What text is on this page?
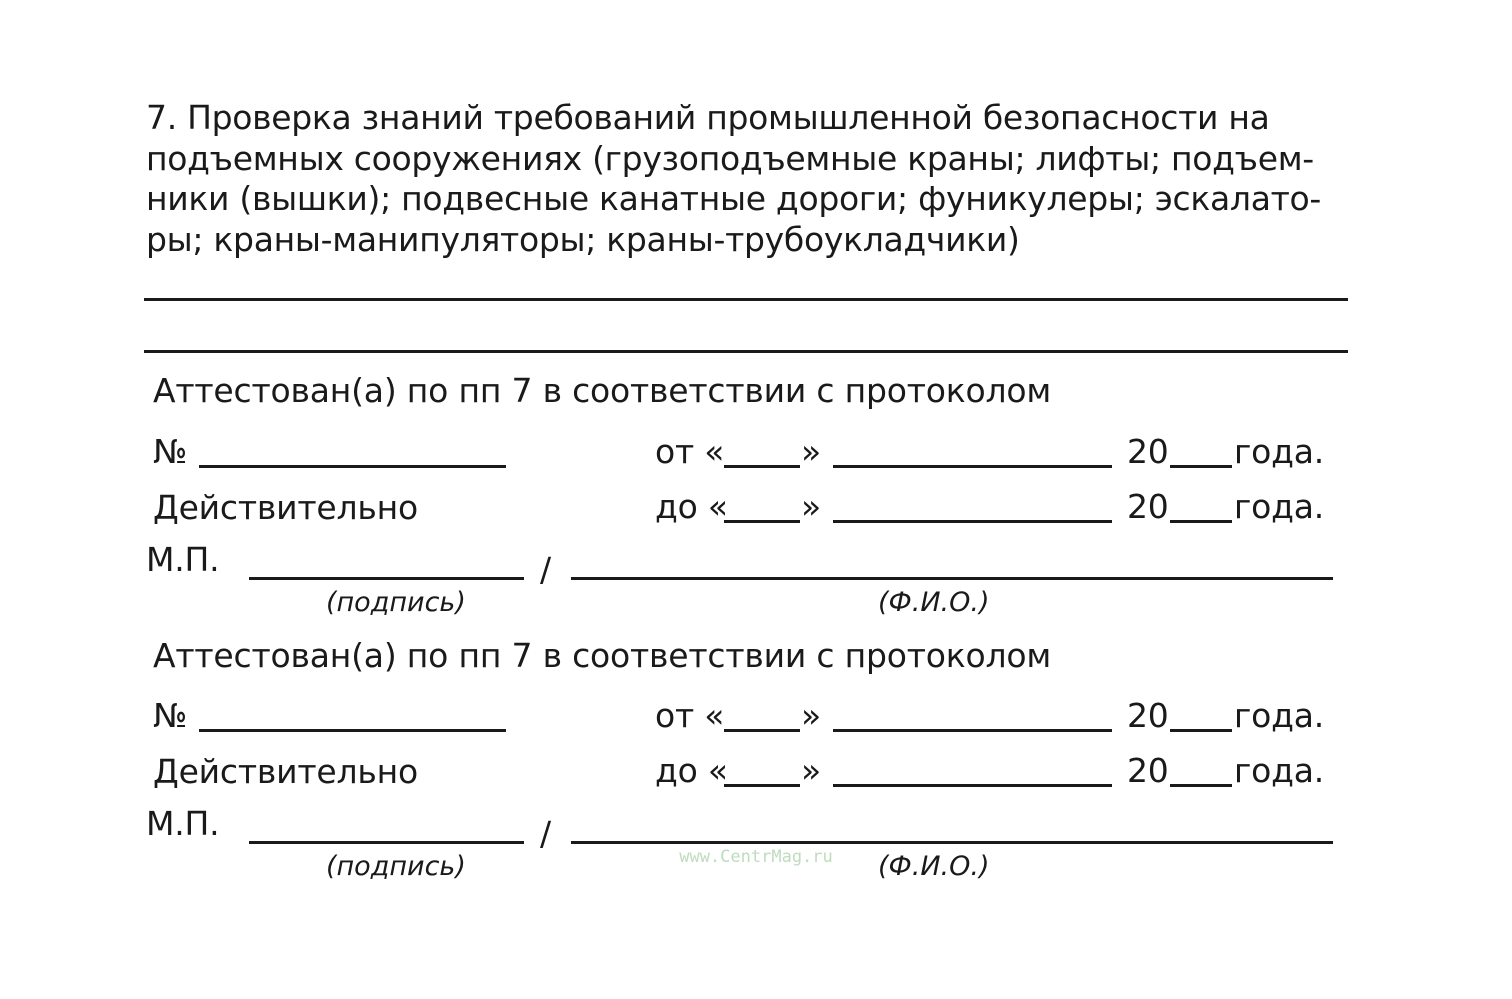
7. Проверка знаний требований промышленной безопасности на
подъемных сооружениях (грузоподъемные краны; лифты; подъем-
ники (вышки); подвесные канатные дороги; фуникулеры; эскалато-
ры; краны-манипуляторы; краны-трубоукладчики)
Аттестован(а) по пп 7 в соответствии с протоколом
№	от « »	20 года.
Действительно	до « »	20 года.
М.П.	/
(подпись)	(Ф.И.О.)
Аттестован(а) по пп 7 в соответствии с протоколом
№	от « »	20 года.
Действительно	до « »	20 года.
М.П.	/
(подпись)	(Ф.И.О.)
www.CentrMag.ru
